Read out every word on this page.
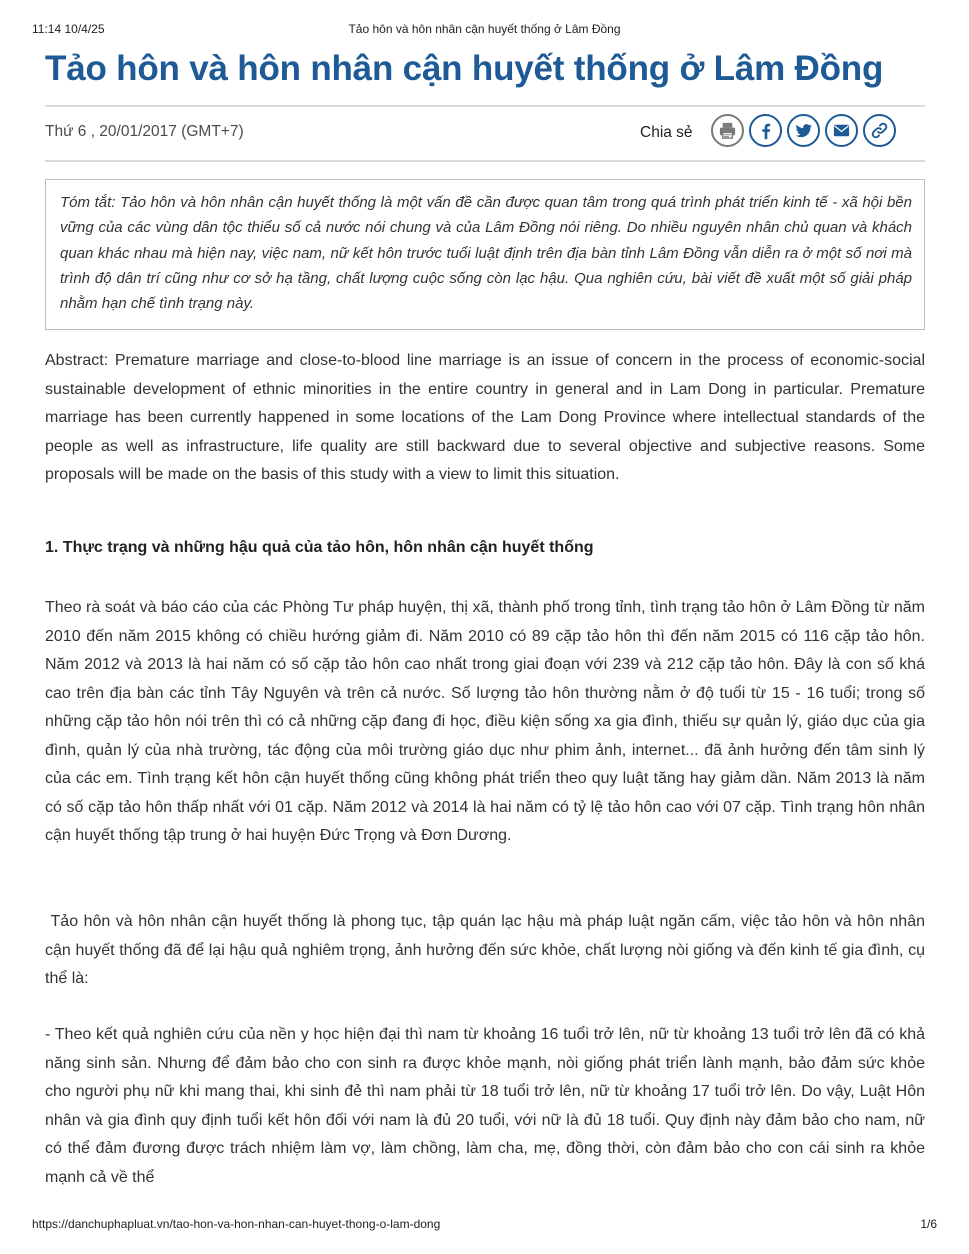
11:14 10/4/25	Tảo hôn và hôn nhân cận huyết thống ở Lâm Đồng
Tảo hôn và hôn nhân cận huyết thống ở Lâm Đồng
Thứ 6 , 20/01/2017 (GMT+7)	Chia sẻ
Tóm tắt: Tảo hôn và hôn nhân cận huyết thống là một vấn đề cần được quan tâm trong quá trình phát triển kinh tế - xã hội bền vững của các vùng dân tộc thiểu số cả nước nói chung và của Lâm Đồng nói riêng. Do nhiều nguyên nhân chủ quan và khách quan khác nhau mà hiện nay, việc nam, nữ kết hôn trước tuổi luật định trên địa bàn tỉnh Lâm Đồng vẫn diễn ra ở một số nơi mà trình độ dân trí cũng như cơ sở hạ tầng, chất lượng cuộc sống còn lạc hậu. Qua nghiên cứu, bài viết đề xuất một số giải pháp nhằm hạn chế tình trạng này.

Abstract: Premature marriage and close-to-blood line marriage is an issue of concern in the process of economic-social sustainable development of ethnic minorities in the entire country in general and in Lam Dong in particular. Premature marriage has been currently happened in some locations of the Lam Dong Province where intellectual standards of the people as well as infrastructure, life quality are still backward due to several objective and subjective reasons. Some proposals will be made on the basis of this study with a view to limit this situation.

1. Thực trạng và những hậu quả của tảo hôn, hôn nhân cận huyết thống

Theo rà soát và báo cáo của các Phòng Tư pháp huyện, thị xã, thành phố trong tỉnh, tình trạng tảo hôn ở Lâm Đồng từ năm 2010 đến năm 2015 không có chiều hướng giảm đi. Năm 2010 có 89 cặp tảo hôn thì đến năm 2015 có 116 cặp tảo hôn. Năm 2012 và 2013 là hai năm có số cặp tảo hôn cao nhất trong giai đoạn với 239 và 212 cặp tảo hôn. Đây là con số khá cao trên địa bàn các tỉnh Tây Nguyên và trên cả nước. Số lượng tảo hôn thường nằm ở độ tuổi từ 15 - 16 tuổi; trong số những cặp tảo hôn nói trên thì có cả những cặp đang đi học, điều kiện sống xa gia đình, thiếu sự quản lý, giáo dục của gia đình, quản lý của nhà trường, tác động của môi trường giáo dục như phim ảnh, internet... đã ảnh hưởng đến tâm sinh lý của các em. Tình trạng kết hôn cận huyết thống cũng không phát triển theo quy luật tăng hay giảm dần. Năm 2013 là năm có số cặp tảo hôn thấp nhất với 01 cặp. Năm 2012 và 2014 là hai năm có tỷ lệ tảo hôn cao với 07 cặp. Tình trạng hôn nhân cận huyết thống tập trung ở hai huyện Đức Trọng và Đơn Dương.

Tảo hôn và hôn nhân cận huyết thống là phong tục, tập quán lạc hậu mà pháp luật ngăn cấm, việc tảo hôn và hôn nhân cận huyết thống đã để lại hậu quả nghiêm trọng, ảnh hưởng đến sức khỏe, chất lượng nòi giống và đến kinh tế gia đình, cụ thể là:

- Theo kết quả nghiên cứu của nền y học hiện đại thì nam từ khoảng 16 tuổi trở lên, nữ từ khoảng 13 tuổi trở lên đã có khả năng sinh sản. Nhưng để đảm bảo cho con sinh ra được khỏe mạnh, nòi giống phát triển lành mạnh, bảo đảm sức khỏe cho người phụ nữ khi mang thai, khi sinh đẻ thì nam phải từ 18 tuổi trở lên, nữ từ khoảng 17 tuổi trở lên. Do vậy, Luật Hôn nhân và gia đình quy định tuổi kết hôn đối với nam là đủ 20 tuổi, với nữ là đủ 18 tuổi. Quy định này đảm bảo cho nam, nữ có thể đảm đương được trách nhiệm làm vợ, làm chồng, làm cha, mẹ, đồng thời, còn đảm bảo cho con cái sinh ra khỏe mạnh cả về thể

https://danchuphapluat.vn/tao-hon-va-hon-nhan-can-huyet-thong-o-lam-dong	1/6
